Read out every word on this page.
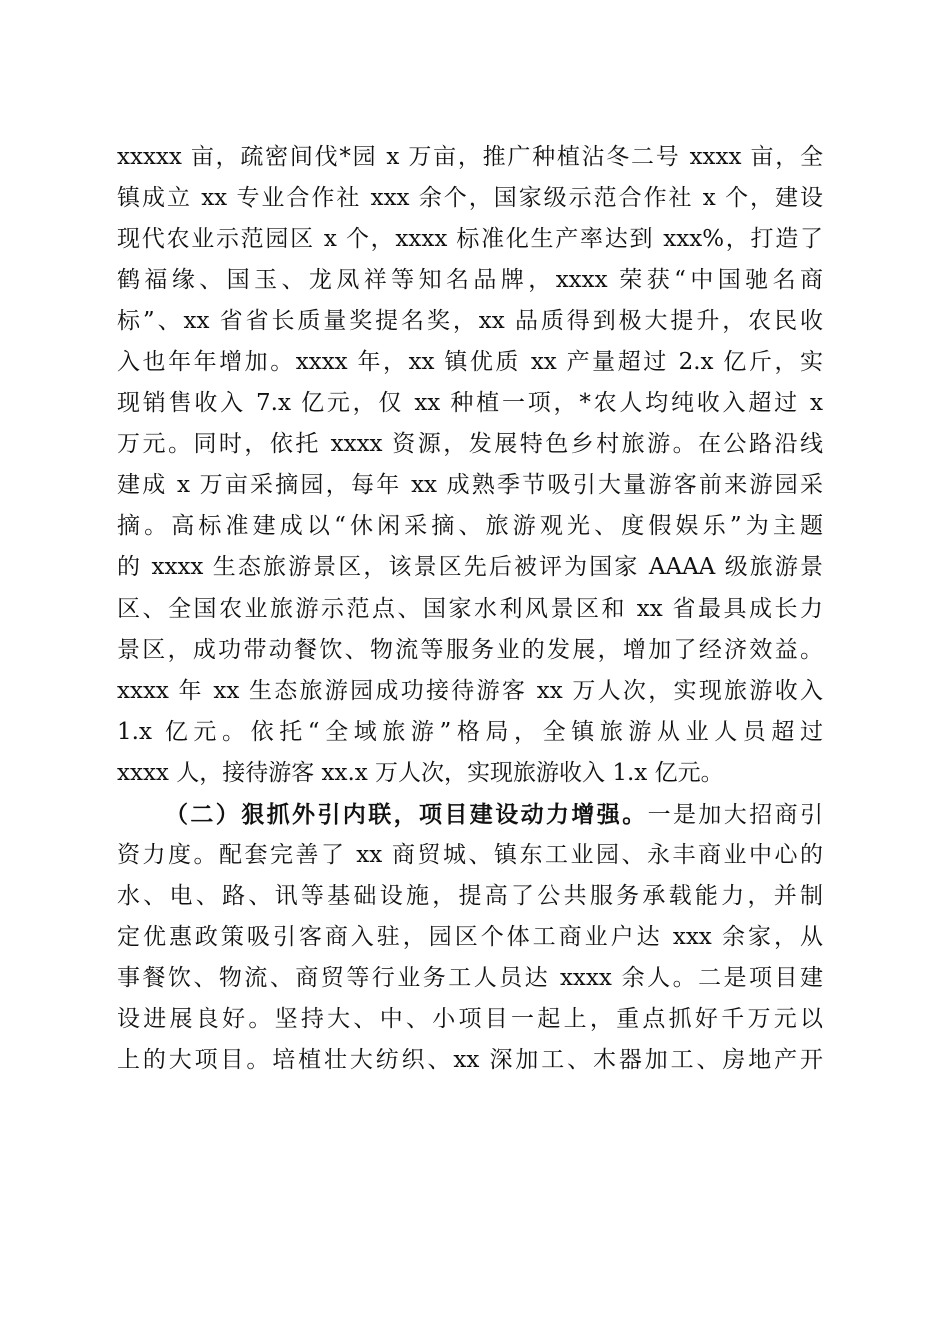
xxxxx 亩，疏密间伐*园 x 万亩，推广种植沾冬二号 xxxx 亩，全
镇成立 xx 专业合作社 xxx 余个，国家级示范合作社 x 个，建设
现代农业示范园区 x 个，xxxx 标准化生产率达到 xxx%，打造了
鹤福缘、国玉、龙凤祥等知名品牌，xxxx 荣获“中国驰名商
标”、xx 省省长质量奖提名奖，xx 品质得到极大提升，农民收
入也年年增加。xxxx 年，xx 镇优质 xx 产量超过 2.x 亿斤，实
现销售收入 7.x 亿元，仅 xx 种植一项，*农人均纯收入超过 x
万元。同时，依托 xxxx 资源，发展特色乡村旅游。在公路沿线
建成 x 万亩采摘园，每年 xx 成熟季节吸引大量游客前来游园采
摘。高标准建成以“休闲采摘、旅游观光、度假娱乐”为主题
的 xxxx 生态旅游景区，该景区先后被评为国家 AAAA 级旅游景
区、全国农业旅游示范点、国家水利风景区和 xx 省最具成长力
景区，成功带动餐饮、物流等服务业的发展，增加了经济效益。
xxxx 年 xx 生态旅游园成功接待游客 xx 万人次，实现旅游收入
1.x 亿元。依托“全域旅游”格局，全镇旅游从业人员超过
xxxx 人，接待游客 xx.x 万人次，实现旅游收入 1.x 亿元。
（二）狠抓外引内联，项目建设动力增强。一是加大招商引
资力度。配套完善了 xx 商贸城、镇东工业园、永丰商业中心的
水、电、路、讯等基础设施，提高了公共服务承载能力，并制
定优惠政策吸引客商入驻，园区个体工商业户达 xxx 余家，从
事餐饮、物流、商贸等行业务工人员达 xxxx 余人。二是项目建
设进展良好。坚持大、中、小项目一起上，重点抓好千万元以
上的大项目。培植壮大纺织、xx 深加工、木器加工、房地产开
